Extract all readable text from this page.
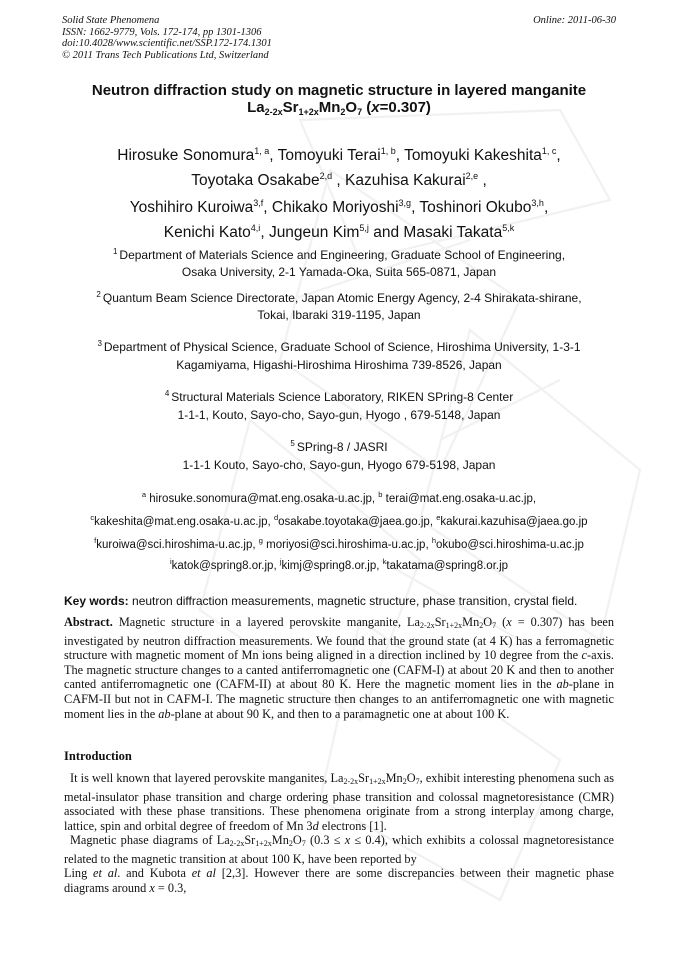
Solid State Phenomena
ISSN: 1662-9779, Vols. 172-174, pp 1301-1306
doi:10.4028/www.scientific.net/SSP.172-174.1301
© 2011 Trans Tech Publications Ltd, Switzerland
Online: 2011-06-30
Neutron diffraction study on magnetic structure in layered manganite
$La_{2-2x}Sr_{1+2x}Mn_2O_7$ (x=0.307)
Hirosuke Sonomura$^{1, a}$, Tomoyuki Terai$^{1, b}$, Tomoyuki Kakeshita$^{1, c}$,
Toyotaka Osakabe$^{2,d}$ , Kazuhisa Kakurai$^{2,e}$ ,
Yoshihiro Kuroiwa$^{3,f}$, Chikako Moriyoshi$^{3,g}$, Toshinori Okubo$^{3,h}$,
Kenichi Kato$^{4,i}$, Jungeun Kim$^{5,j}$ and Masaki Takata$^{5,k}$
$^1$ Department of Materials Science and Engineering, Graduate School of Engineering,
Osaka University, 2-1 Yamada-Oka, Suita 565-0871, Japan
$^2$ Quantum Beam Science Directorate, Japan Atomic Energy Agency, 2-4 Shirakata-shirane,
Tokai, Ibaraki 319-1195, Japan
$^3$ Department of Physical Science, Graduate School of Science, Hiroshima University, 1-3-1
Kagamiyama, Higashi-Hiroshima Hiroshima 739-8526, Japan
$^4$ Structural Materials Science Laboratory, RIKEN SPring-8 Center
1-1-1, Kouto, Sayo-cho, Sayo-gun, Hyogo , 679-5148, Japan
$^5$ SPring-8 / JASRI
1-1-1 Kouto, Sayo-cho, Sayo-gun, Hyogo 679-5198, Japan
$^a$ hirosuke.sonomura@mat.eng.osaka-u.ac.jp, $^b$ terai@mat.eng.osaka-u.ac.jp,
$^c$kakeshita@mat.eng.osaka-u.ac.jp, $^d$osakabe.toyotaka@jaea.go.jp, $^e$kakurai.kazuhisa@jaea.go.jp
$^f$kuroiwa@sci.hiroshima-u.ac.jp, $^g$ moriyosi@sci.hiroshima-u.ac.jp, $^h$okubo@sci.hiroshima-u.ac.jp
$^i$katok@spring8.or.jp, $^j$kimj@spring8.or.jp, $^k$takatama@spring8.or.jp
Key words: neutron diffraction measurements, magnetic structure, phase transition, crystal field.
Abstract. Magnetic structure in a layered perovskite manganite, $La_{2-2x}Sr_{1+2x}Mn_2O_7$ (x = 0.307) has been investigated by neutron diffraction measurements. We found that the ground state (at 4 K) has a ferromagnetic structure with magnetic moment of Mn ions being aligned in a direction inclined by 10 degree from the c-axis. The magnetic structure changes to a canted antiferromagnetic one (CAFM-I) at about 20 K and then to another canted antiferromagnetic one (CAFM-II) at about 80 K. Here the magnetic moment lies in the ab-plane in CAFM-II but not in CAFM-I. The magnetic structure then changes to an antiferromagnetic one with magnetic moment lies in the ab-plane at about 90 K, and then to a paramagnetic one at about 100 K.
Introduction
It is well known that layered perovskite manganites, $La_{2-2x}Sr_{1+2x}Mn_2O_7$, exhibit interesting phenomena such as metal-insulator phase transition and charge ordering phase transition and colossal magnetoresistance (CMR) associated with these phase transitions. These phenomena originate from a strong interplay among charge, lattice, spin and orbital degree of freedom of Mn 3d electrons [1].
Magnetic phase diagrams of $La_{2-2x}Sr_{1+2x}Mn_2O_7$ (0.3 ≤ x ≤ 0.4), which exhibits a colossal magnetoresistance related to the magnetic transition at about 100 K, have been reported by
Ling et al. and Kubota et al [2,3]. However there are some discrepancies between their magnetic phase diagrams around x = 0.3,
